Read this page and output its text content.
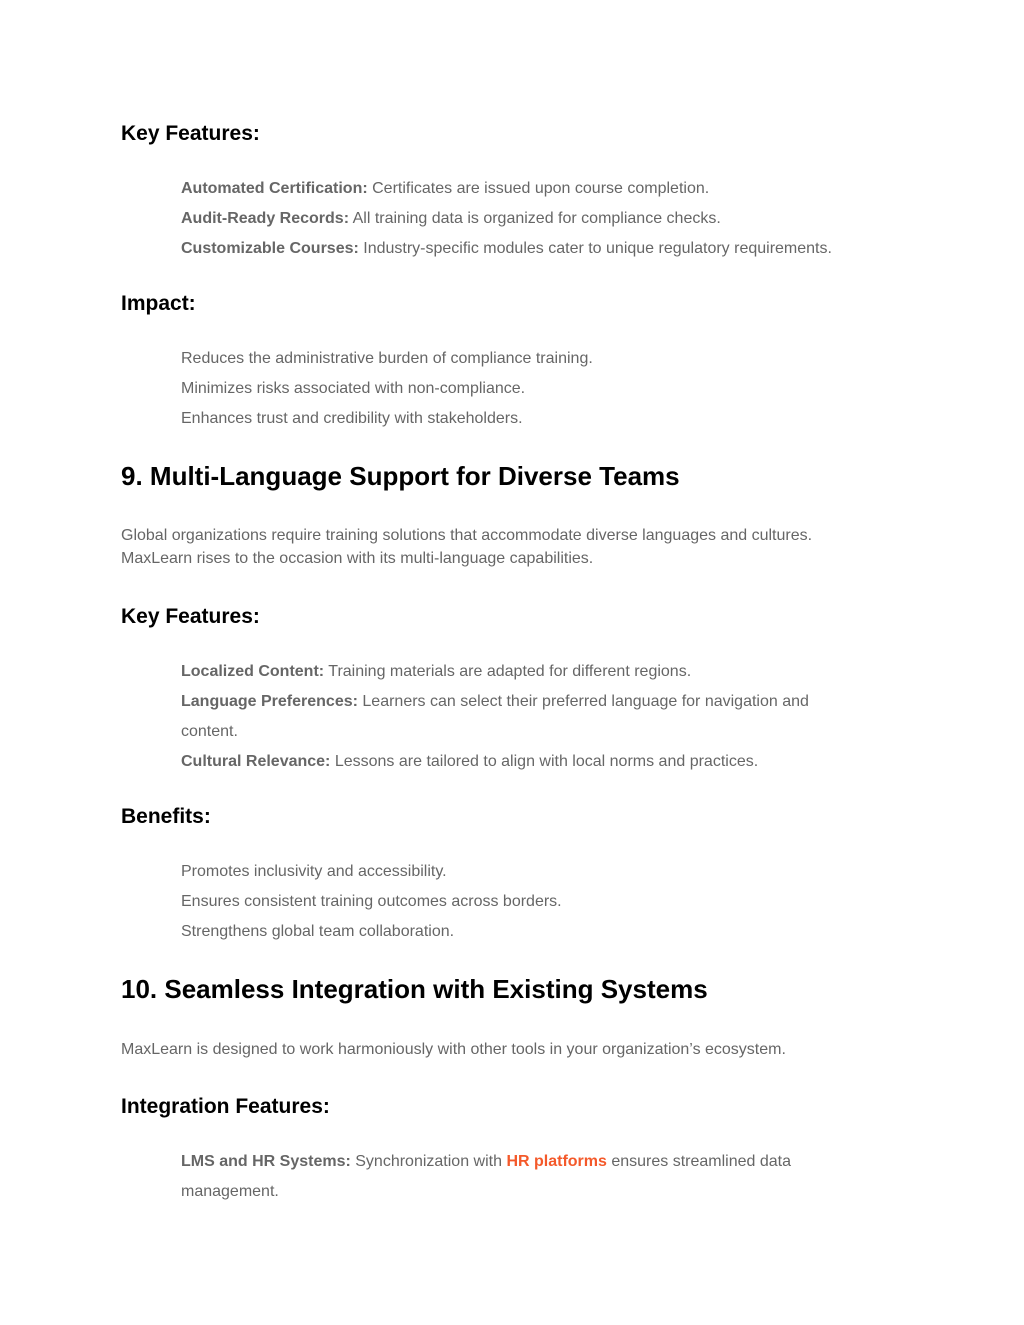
Key Features:

Automated Certification: Certificates are issued upon course completion.

Audit-Ready Records: All training data is organized for compliance checks.

Customizable Courses: Industry-specific modules cater to unique regulatory requirements.

Impact:

Reduces the administrative burden of compliance training.

Minimizes risks associated with non-compliance.

Enhances trust and credibility with stakeholders.

9. Multi-Language Support for Diverse Teams

Global organizations require training solutions that accommodate diverse languages and cultures.

MaxLearn rises to the occasion with its multi-language capabilities.

Key Features:

Localized Content: Training materials are adapted for different regions.

Language Preferences: Learners can select their preferred language for navigation and

content.

Cultural Relevance: Lessons are tailored to align with local norms and practices.

Benefits:

Promotes inclusivity and accessibility.

Ensures consistent training outcomes across borders.

Strengthens global team collaboration.

10. Seamless Integration with Existing Systems

MaxLearn is designed to work harmoniously with other tools in your organization’s ecosystem.

Integration Features:

LMS and HR Systems: Synchronization with HR platforms ensures streamlined data

management.
